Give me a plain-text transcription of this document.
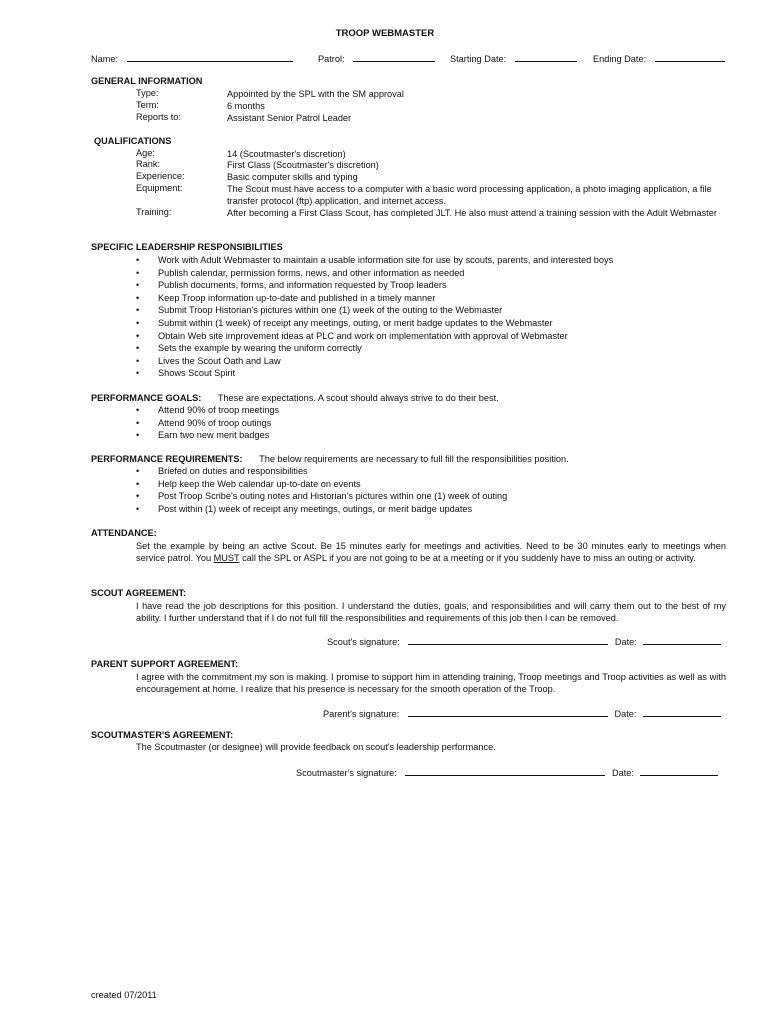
TROOP WEBMASTER
Name:	Patrol:	Starting Date:	Ending Date:
GENERAL INFORMATION
Type:	Appointed by the SPL with the SM approval
Term:	6 months
Reports to:	Assistant Senior Patrol Leader
QUALIFICATIONS
Age:	14 (Scoutmaster's discretion)
Rank:	First Class (Scoutmaster's discretion)
Experience:	Basic computer skills and typing
Equipment:	The Scout must have access to a computer with a basic word processing application, a photo imaging application, a file transfer protocol (ftp) application, and internet access.
Training:	After becoming a First Class Scout, has completed JLT. He also must attend a training session with the Adult Webmaster
SPECIFIC LEADERSHIP RESPONSIBILITIES
• Work with Adult Webmaster to maintain a usable information site for use by scouts, parents, and interested boys
• Publish calendar, permission forms, news, and other information as needed
• Publish documents, forms, and information requested by Troop leaders
• Keep Troop information up-to-date and published in a timely manner
• Submit Troop Historian's pictures within one (1) week of the outing to the Webmaster
• Submit within (1 week) of receipt any meetings, outing, or merit badge updates to the Webmaster
• Obtain Web site improvement ideas at PLC and work on implementation with approval of Webmaster
• Sets the example by wearing the uniform correctly
• Lives the Scout Oath and Law
• Shows Scout Spirit
PERFORMANCE GOALS: These are expectations. A scout should always strive to do their best.
• Attend 90% of troop meetings
• Attend 90% of troop outings
• Earn two new merit badges
PERFORMANCE REQUIREMENTS: The below requirements are necessary to full fill the responsibilities position.
• Briefed on duties and responsibilities
• Help keep the Web calendar up-to-date on events
• Post Troop Scribe's outing notes and Historian's pictures within one (1) week of outing
• Post within (1) week of receipt any meetings, outings, or merit badge updates
ATTENDANCE:
Set the example by being an active Scout. Be 15 minutes early for meetings and activities. Need to be 30 minutes early to meetings when service patrol. You MUST call the SPL or ASPL if you are not going to be at a meeting or if you suddenly have to miss an outing or activity.
SCOUT AGREEMENT:
I have read the job descriptions for this position. I understand the duties, goals, and responsibilities and will carry them out to the best of my ability. I further understand that if I do not full fill the responsibilities and requirements of this job then I can be removed.
Scout's signature:	Date:
PARENT SUPPORT AGREEMENT:
I agree with the commitment my son is making. I promise to support him in attending training, Troop meetings and Troop activities as well as with encouragement at home. I realize that his presence is necessary for the smooth operation of the Troop.
Parent's signature:	Date:
SCOUTMASTER'S AGREEMENT:
The Scoutmaster (or designee) will provide feedback on scout's leadership performance.
Scoutmaster's signature:	Date:
created 07/2011
